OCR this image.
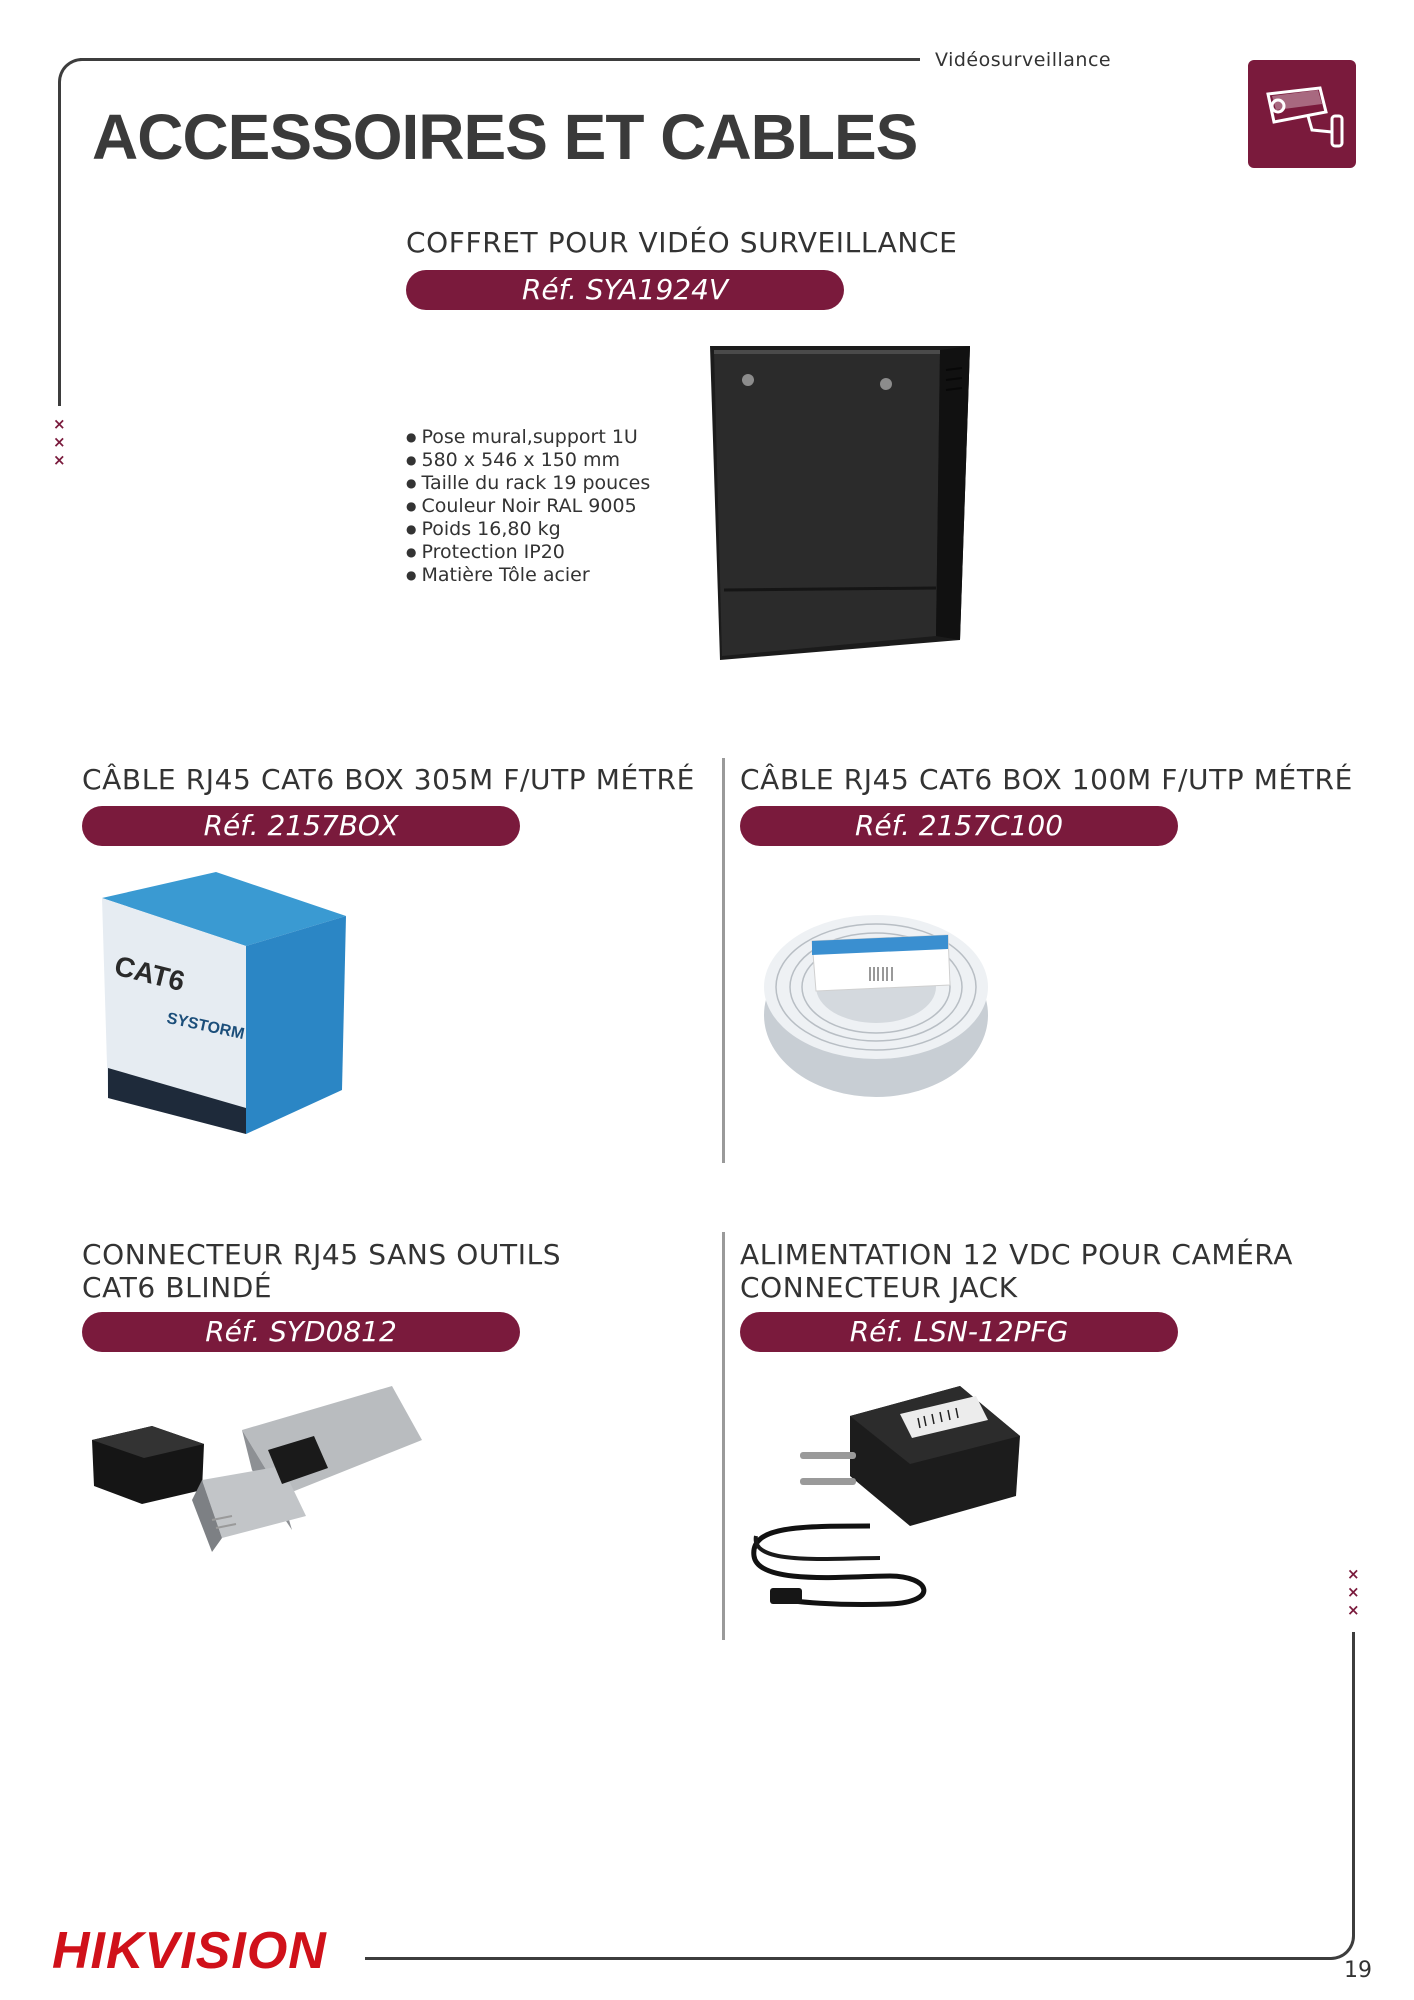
×
×
×
×
×
×
Vidéosurveillance
ACCESSOIRES ET CABLES
COFFRET POUR VIDÉO SURVEILLANCE
Réf. SYA1924V
● Pose mural,support 1U
● 580 x 546 x 150 mm
● Taille du rack 19 pouces
● Couleur Noir RAL 9005
● Poids 16,80 kg
● Protection IP20
● Matière Tôle acier
CÂBLE RJ45 CAT6 BOX 305M F/UTP MÉTRÉ
Réf. 2157BOX
SYSTORM
CAT6
CÂBLE RJ45 CAT6 BOX 100M F/UTP MÉTRÉ
Réf. 2157C100
CONNECTEUR RJ45 SANS OUTILS
CAT6 BLINDÉ
Réf. SYD0812
ALIMENTATION 12 VDC POUR CAMÉRA
CONNECTEUR JACK
Réf. LSN-12PFG
HIKVISION	19
